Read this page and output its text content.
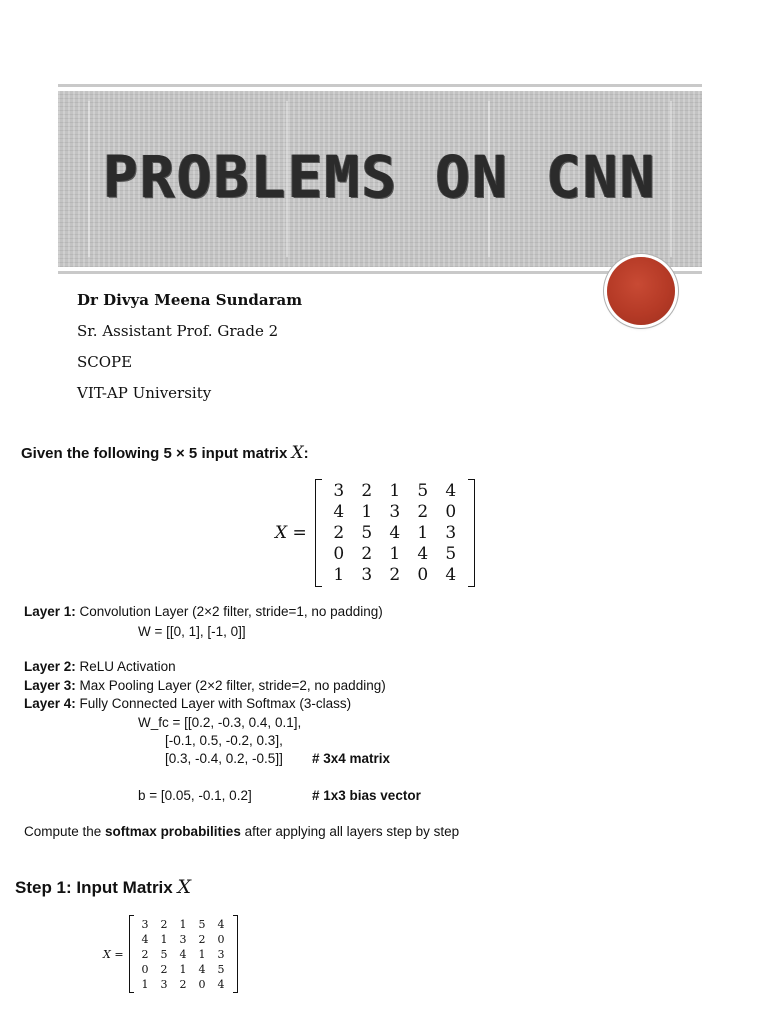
PROBLEMS ON CNN
Dr Divya Meena Sundaram
Sr. Assistant Prof. Grade 2
SCOPE
VIT-AP University
Given the following 5 × 5 input matrix X:
X =
3	2	1	5	4
4	1	3	2	0
2	5	4	1	3
0	2	1	4	5
1	3	2	0	4
Layer 1: Convolution Layer (2×2 filter, stride=1, no padding)
W = [[0, 1], [-1, 0]]
Layer 2: ReLU Activation
Layer 3: Max Pooling Layer (2×2 filter, stride=2, no padding)
Layer 4: Fully Connected Layer with Softmax (3-class)
W_fc = [[0.2, -0.3, 0.4, 0.1],
[-0.1, 0.5, -0.2, 0.3],
[0.3, -0.4, 0.2, -0.5]] # 3x4 matrix
b = [0.05, -0.1, 0.2]	# 1x3 bias vector
Compute the softmax probabilities after applying all layers step by step
Step 1: Input Matrix X
X =
3	2	1	5	4
4	1	3	2	0
2	5	4	1	3
0	2	1	4	5
1	3	2	0	4
